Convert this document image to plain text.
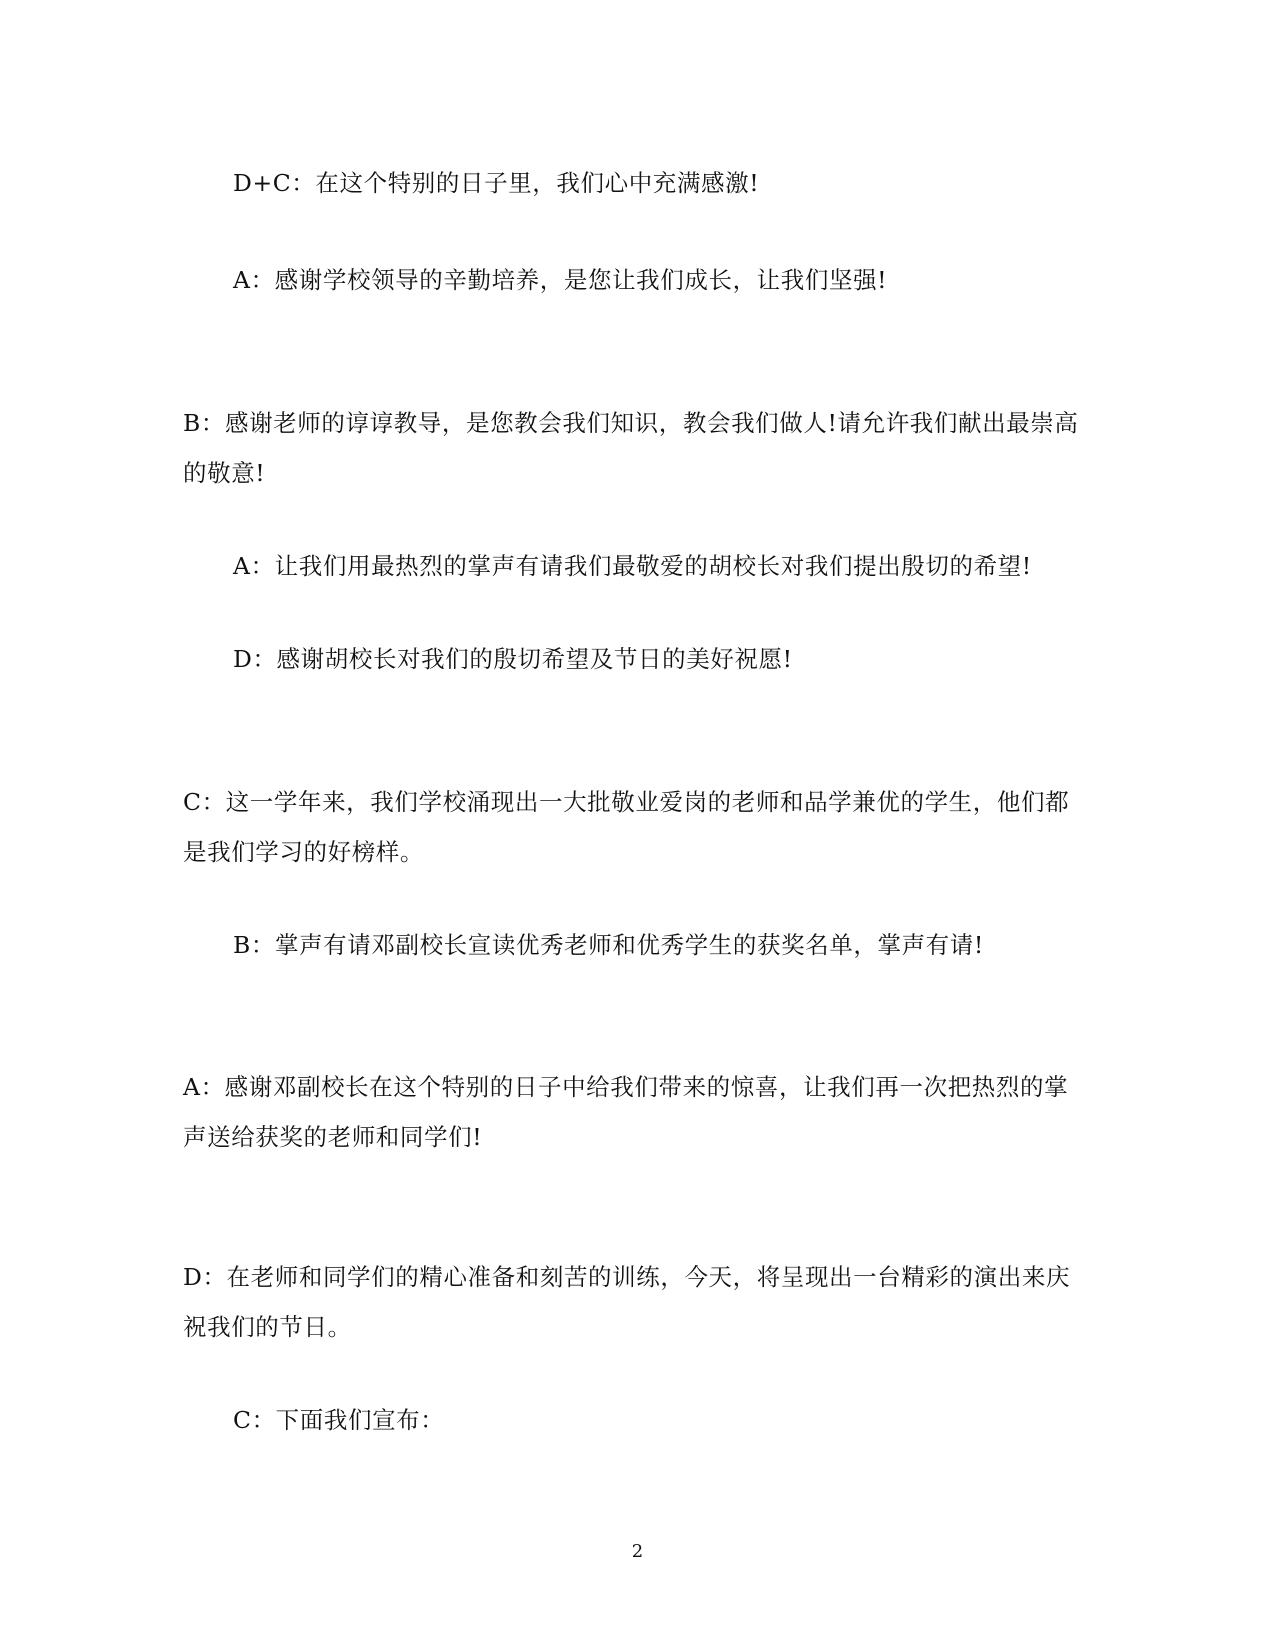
D+C：在这个特别的日子里，我们心中充满感激!

A：感谢学校领导的辛勤培养，是您让我们成长，让我们坚强!

B：感谢老师的谆谆教导，是您教会我们知识，教会我们做人!请允许我们献出最崇高的敬意!

A：让我们用最热烈的掌声有请我们最敬爱的胡校长对我们提出殷切的希望!

D：感谢胡校长对我们的殷切希望及节日的美好祝愿!

C：这一学年来，我们学校涌现出一大批敬业爱岗的老师和品学兼优的学生，他们都是我们学习的好榜样。

B：掌声有请邓副校长宣读优秀老师和优秀学生的获奖名单，掌声有请!

A：感谢邓副校长在这个特别的日子中给我们带来的惊喜，让我们再一次把热烈的掌声送给获奖的老师和同学们!

D：在老师和同学们的精心准备和刻苦的训练，今天，将呈现出一台精彩的演出来庆祝我们的节日。

C：下面我们宣布：

2
